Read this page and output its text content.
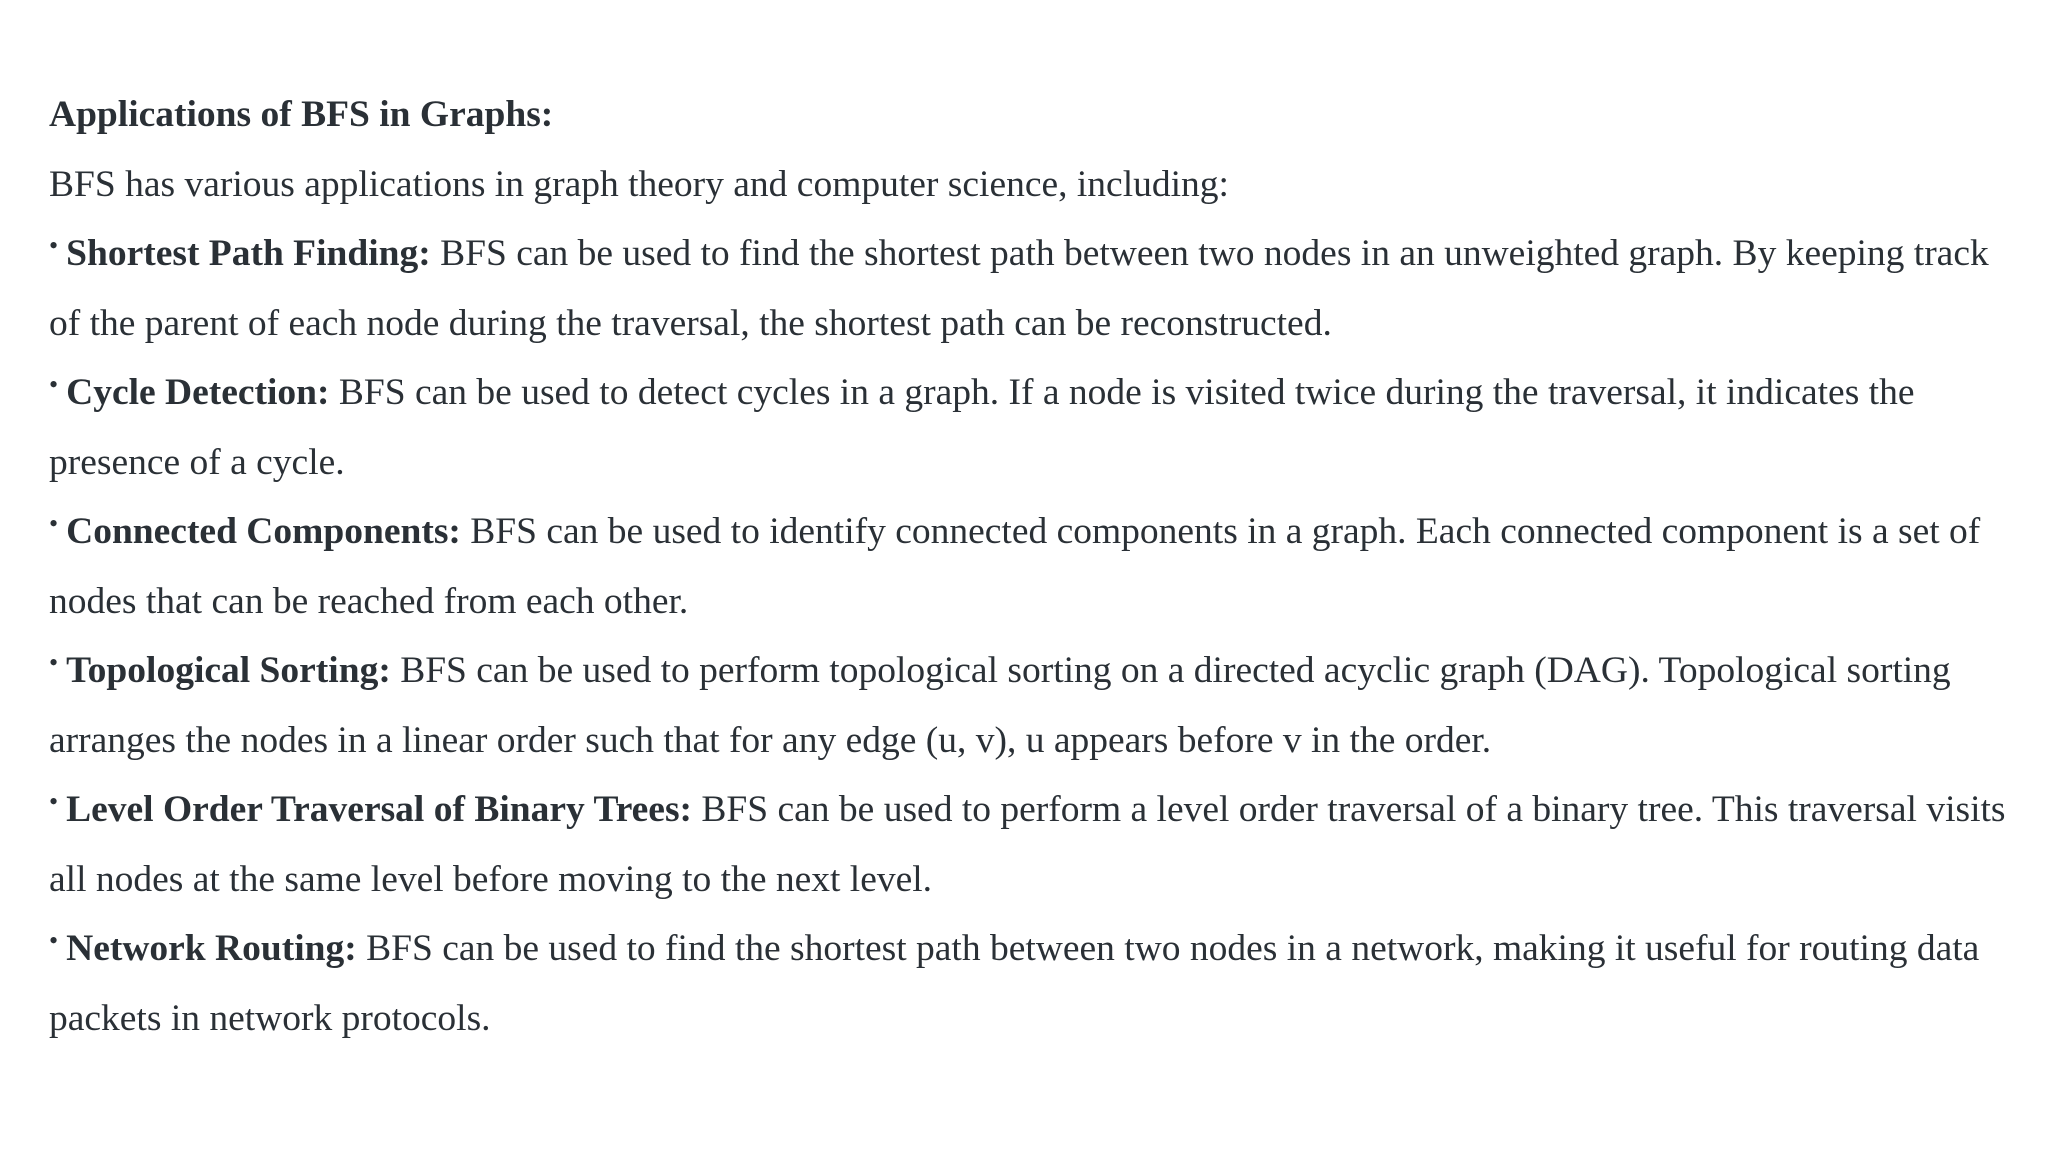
Applications of BFS in Graphs:

BFS has various applications in graph theory and computer science, including:

• Shortest Path Finding: BFS can be used to find the shortest path between two nodes in an unweighted graph. By keeping track of the parent of each node during the traversal, the shortest path can be reconstructed.
• Cycle Detection: BFS can be used to detect cycles in a graph. If a node is visited twice during the traversal, it indicates the presence of a cycle.
• Connected Components: BFS can be used to identify connected components in a graph. Each connected component is a set of nodes that can be reached from each other.
• Topological Sorting: BFS can be used to perform topological sorting on a directed acyclic graph (DAG). Topological sorting arranges the nodes in a linear order such that for any edge (u, v), u appears before v in the order.
• Level Order Traversal of Binary Trees: BFS can be used to perform a level order traversal of a binary tree. This traversal visits all nodes at the same level before moving to the next level.
• Network Routing: BFS can be used to find the shortest path between two nodes in a network, making it useful for routing data packets in network protocols.
